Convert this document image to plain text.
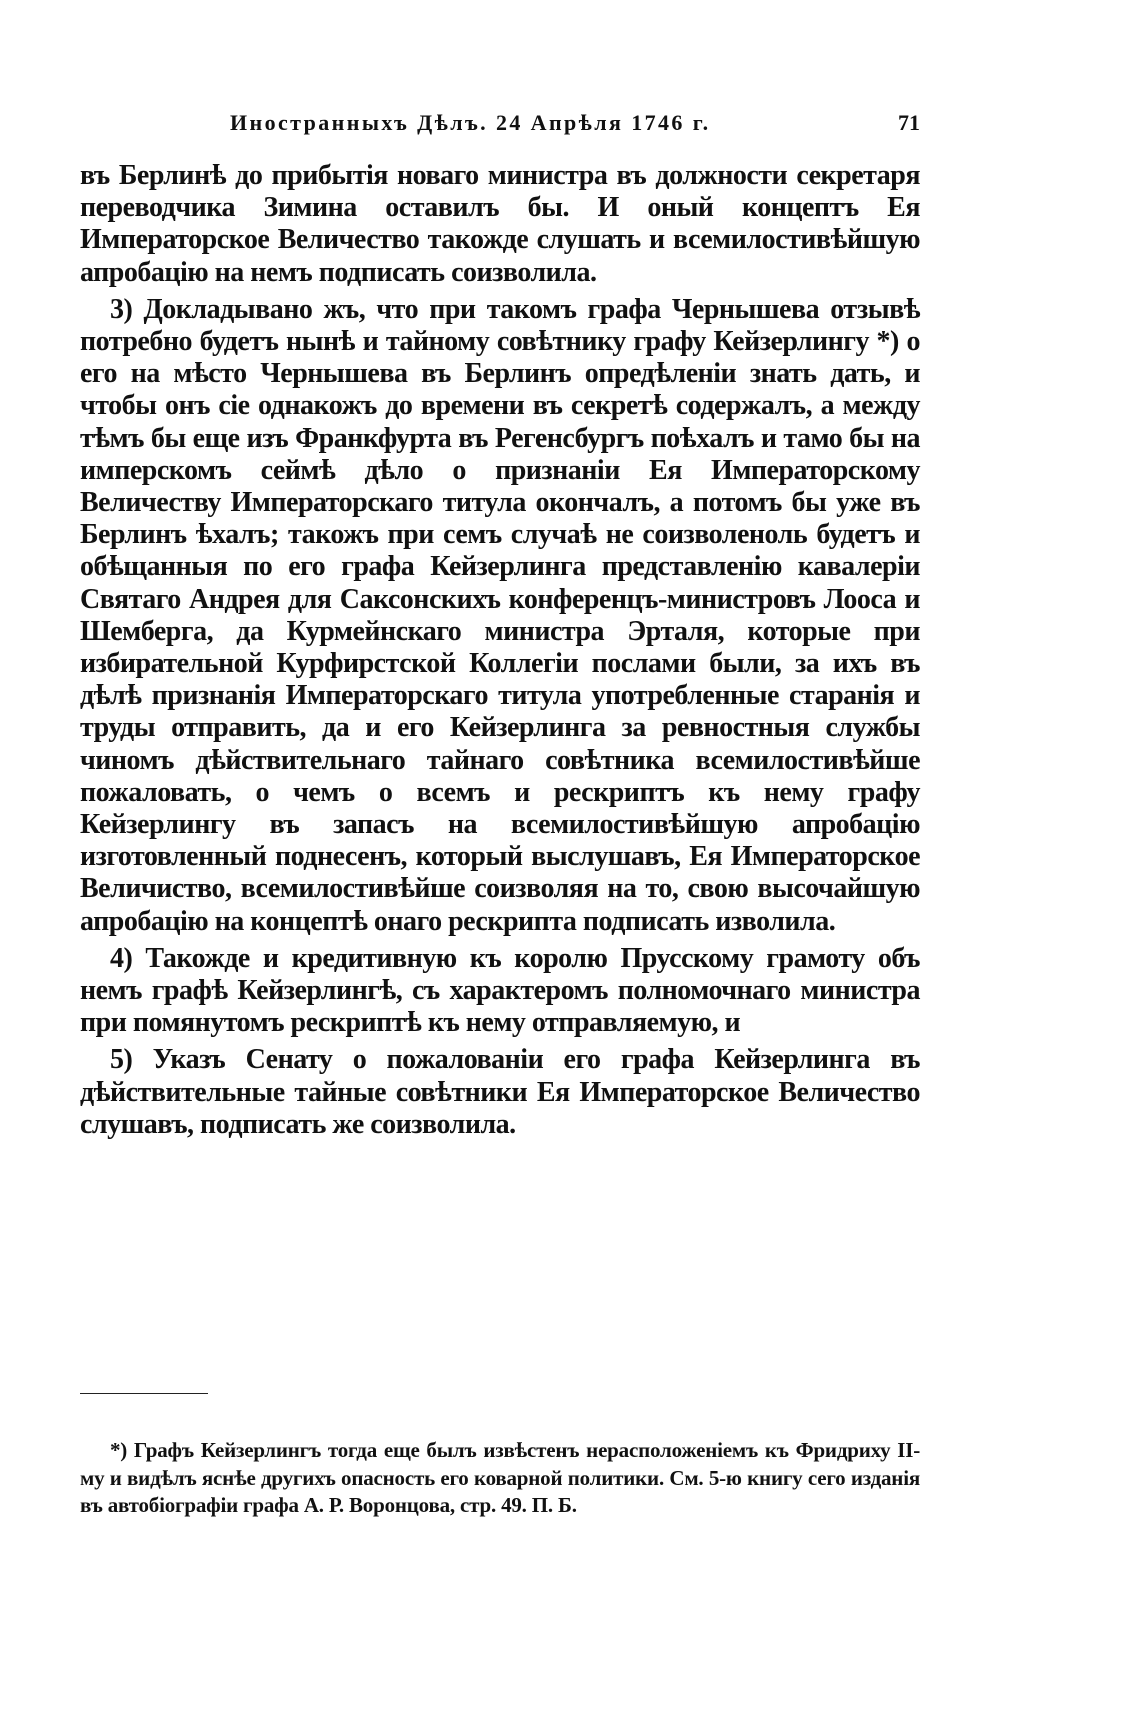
Иностранныхъ Дѣлъ. 24 Апрѣля 1746 г.	71

въ Берлинѣ до прибытія новаго министра въ должности секретаря переводчика Зимина оставилъ бы. И оный концептъ Ея Императорское Величество такожде слушать и всемилостивѣйшую апробацію на немъ подписать соизволила.

3) Докладывано жъ, что при такомъ графа Чернышева отзывѣ потребно будетъ нынѣ и тайному совѣтнику графу Кейзерлингу *) о его на мѣсто Чернышева въ Берлинъ опредѣленіи знать дать, и чтобы онъ сіе однакожъ до времени въ секретѣ содержалъ, а между тѣмъ бы еще изъ Франкфурта въ Регенсбургъ поѣхалъ и тамо бы на имперскомъ сеймѣ дѣло о признаніи Ея Императорскому Величеству Императорскаго титула окончалъ, а потомъ бы уже въ Берлинъ ѣхалъ; такожъ при семъ случаѣ не соизволеноль будетъ и обѣщанныя по его графа Кейзерлинга представленію кавалеріи Святаго Андрея для Саксонскихъ конференцъ-министровъ Лооса и Шемберга, да Курмейнскаго министра Эрталя, которые при избирательной Курфирстской Коллегіи послами были, за ихъ въ дѣлѣ признанія Императорскаго титула употребленные старанія и труды отправить, да и его Кейзерлинга за ревностныя службы чиномъ дѣйствительнаго тайнаго совѣтника всемилостивѣйше пожаловать, о чемъ о всемъ и рескриптъ къ нему графу Кейзерлингу въ запасъ на всемилостивѣйшую апробацію изготовленный поднесенъ, который выслушавъ, Ея Императорское Величиство, всемилостивѣйше соизволяя на то, свою высочайшую апробацію на концептѣ онаго рескрипта подписать изволила.

4) Такожде и кредитивную къ королю Прусскому грамоту объ немъ графѣ Кейзерлингѣ, съ характеромъ полномочнаго министра при помянутомъ рескриптѣ къ нему отправляемую, и

5) Указъ Сенату о пожалованіи его графа Кейзерлинга въ дѣйствительные тайные совѣтники Ея Императорское Величество слушавъ, подписать же соизволила.

*) Графъ Кейзерлингъ тогда еще былъ извѣстенъ нерасположеніемъ къ Фридриху II-му и видѣлъ яснѣе другихъ опасность его коварной политики. См. 5-ю книгу сего изданія въ автобіографіи графа А. Р. Воронцова, стр. 49. П. Б.
